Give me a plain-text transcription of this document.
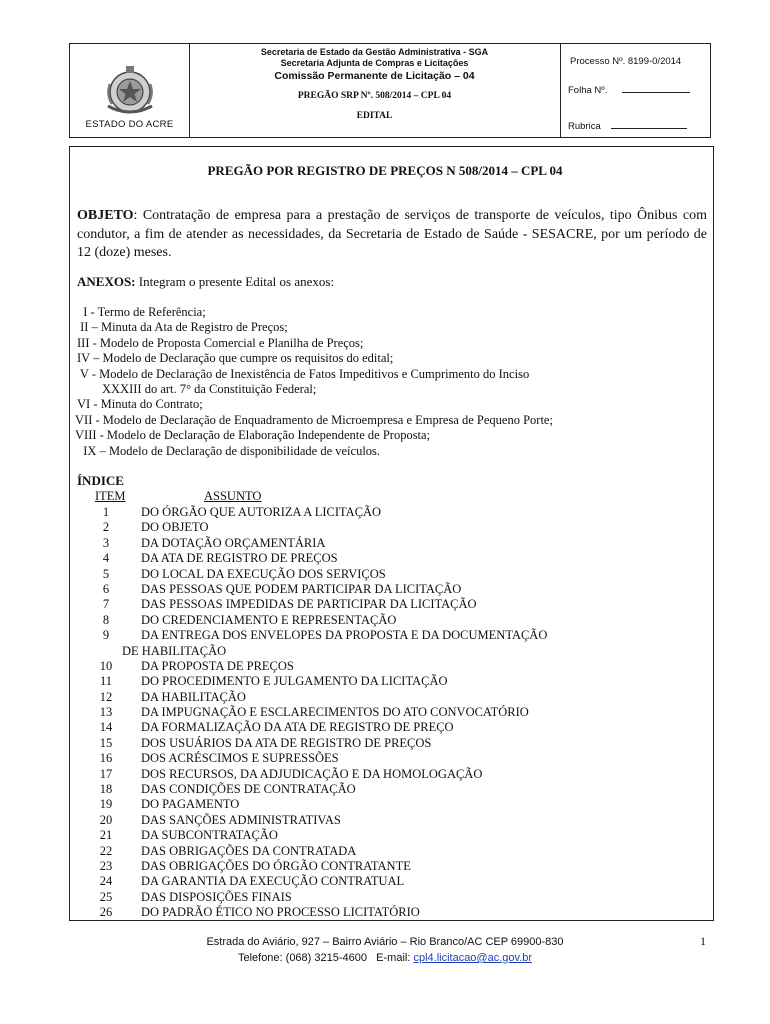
ESTADO DO ACRE
Secretaria de Estado da Gestão Administrativa - SGA
Secretaria Adjunta de Compras e Licitações
Comissão Permanente de Licitação – 04
PREGÃO SRP Nº. 508/2014 – CPL 04
EDITAL
Processo Nº. 8199-0/2014
Folha Nº.
Rubrica
PREGÃO POR REGISTRO DE PREÇOS N 508/2014 – CPL 04
OBJETO: Contratação de empresa para a prestação de serviços de transporte de veículos, tipo Ônibus com condutor, a fim de atender as necessidades, da Secretaria de Estado de Saúde - SESACRE, por um período de 12 (doze) meses.
ANEXOS: Integram o presente Edital os anexos:
I - Termo de Referência;
II – Minuta da Ata de Registro de Preços;
III - Modelo de Proposta Comercial e Planilha de Preços;
IV – Modelo de Declaração que cumpre os requisitos do edital;
V - Modelo de Declaração de Inexistência de Fatos Impeditivos e Cumprimento do Inciso
XXXIII do art. 7° da Constituição Federal;
VI - Minuta do Contrato;
VII - Modelo de Declaração de Enquadramento de Microempresa e Empresa de Pequeno Porte;
VIII - Modelo de Declaração de Elaboração Independente de Proposta;
IX – Modelo de Declaração de disponibilidade de veículos.
ÍNDICE
ITEM	ASSUNTO
1	DO ÓRGÃO QUE AUTORIZA A LICITAÇÃO
2	DO OBJETO
3	DA DOTAÇÃO ORÇAMENTÁRIA
4	DA ATA DE REGISTRO DE PREÇOS
5	DO LOCAL DA EXECUÇÃO DOS SERVIÇOS
6	DAS PESSOAS QUE PODEM PARTICIPAR DA LICITAÇÃO
7	DAS PESSOAS IMPEDIDAS DE PARTICIPAR DA LICITAÇÃO
8	DO CREDENCIAMENTO E REPRESENTAÇÃO
9	DA ENTREGA DOS ENVELOPES DA PROPOSTA E DA DOCUMENTAÇÃO
DE HABILITAÇÃO
10	DA PROPOSTA DE PREÇOS
11	DO PROCEDIMENTO E JULGAMENTO DA LICITAÇÃO
12	DA HABILITAÇÃO
13	DA IMPUGNAÇÃO E ESCLARECIMENTOS DO ATO CONVOCATÓRIO
14	DA FORMALIZAÇÃO DA ATA DE REGISTRO DE PREÇO
15	DOS USUÁRIOS DA ATA DE REGISTRO DE PREÇOS
16	DOS ACRÉSCIMOS E SUPRESSÕES
17	DOS RECURSOS, DA ADJUDICAÇÃO E DA HOMOLOGAÇÃO
18	DAS CONDIÇÕES DE CONTRATAÇÃO
19	DO PAGAMENTO
20	DAS SANÇÕES ADMINISTRATIVAS
21	DA SUBCONTRATAÇÃO
22	DAS OBRIGAÇÕES DA CONTRATADA
23	DAS OBRIGAÇÕES DO ÓRGÃO CONTRATANTE
24	DA GARANTIA DA EXECUÇÃO CONTRATUAL
25	DAS DISPOSIÇÕES FINAIS
26	DO PADRÃO ÉTICO NO PROCESSO LICITATÓRIO
Estrada do Aviário, 927 – Bairro Aviário – Rio Branco/AC CEP 69900-830
Telefone: (068) 3215-4600   E-mail: cpl4.licitacao@ac.gov.br
1
